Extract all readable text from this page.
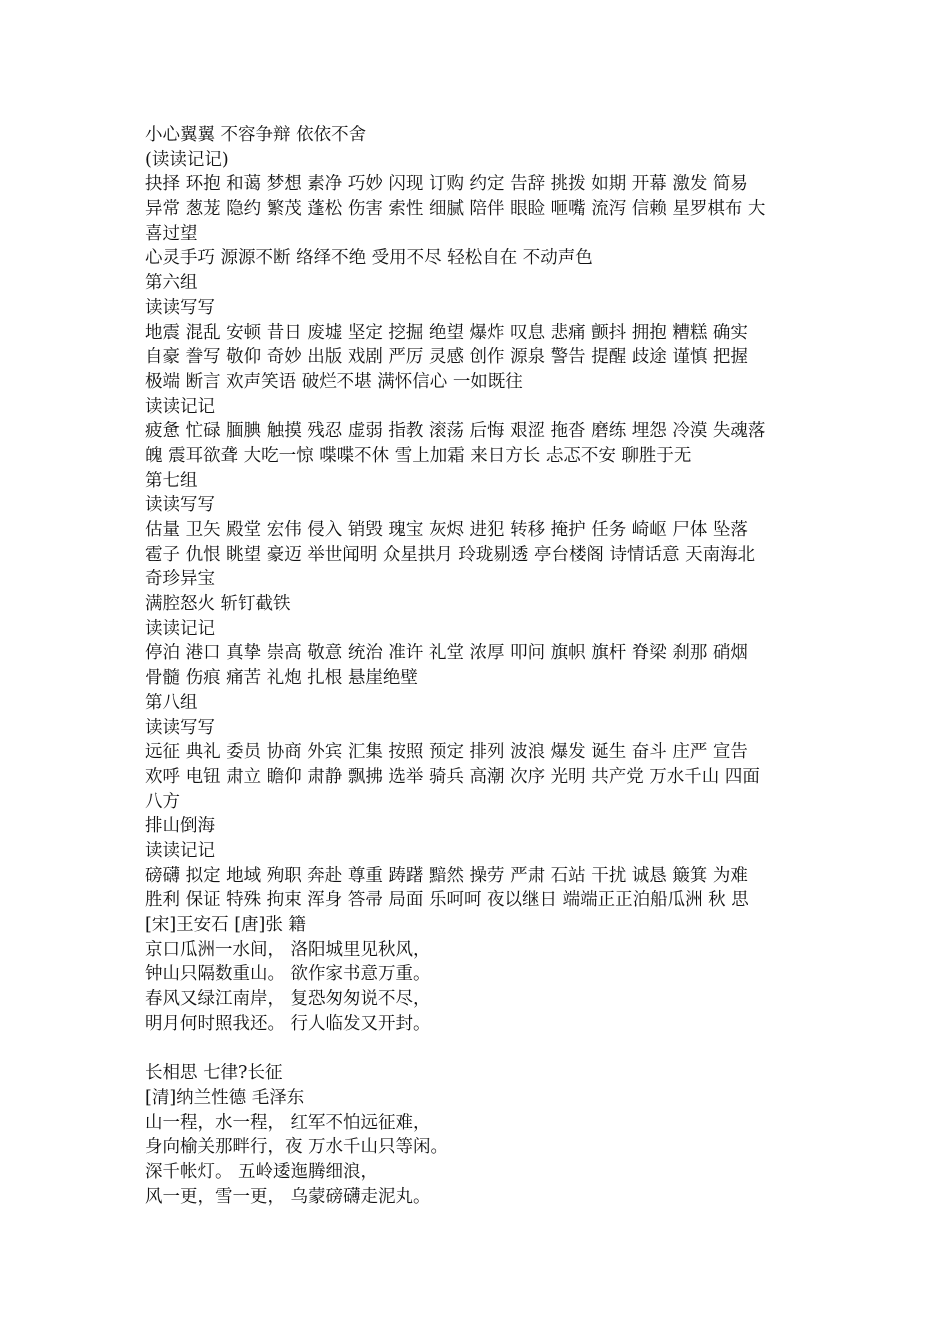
小心翼翼 不容争辩 依依不舍
(读读记记)
抉择 环抱 和蔼 梦想 素净 巧妙 闪现 订购 约定 告辞 挑拨 如期 开幕 激发 简易
异常 葱茏 隐约 繁茂 蓬松 伤害 索性 细腻 陪伴 眼睑 咂嘴 流泻 信赖 星罗棋布 大
喜过望
心灵手巧 源源不断 络绎不绝 受用不尽 轻松自在 不动声色
第六组
读读写写
地震 混乱 安顿 昔日 废墟 坚定 挖掘 绝望 爆炸 叹息 悲痛 颤抖 拥抱 糟糕 确实
自豪 誊写 敬仰 奇妙 出版 戏剧 严厉 灵感 创作 源泉 警告 提醒 歧途 谨慎 把握
极端 断言 欢声笑语 破烂不堪 满怀信心 一如既往
读读记记
疲惫 忙碌 腼腆 触摸 残忍 虚弱 指教 滚荡 后悔 艰涩 拖沓 磨练 埋怨 冷漠 失魂落
魄 震耳欲聋 大吃一惊 喋喋不休 雪上加霜 来日方长 忐忑不安 聊胜于无
第七组
读读写写
估量 卫矢 殿堂 宏伟 侵入 销毁 瑰宝 灰烬 进犯 转移 掩护 任务 崎岖 尸体 坠落
雹子 仇恨 眺望 豪迈 举世闻明 众星拱月 玲珑剔透 亭台楼阁 诗情话意 天南海北
奇珍异宝
满腔怒火 斩钉截铁
读读记记
停泊 港口 真挚 崇高 敬意 统治 准许 礼堂 浓厚 叩问 旗帜 旗杆 脊梁 刹那 硝烟
骨髓 伤痕 痛苦 礼炮 扎根 悬崖绝壁
第八组
读读写写
远征 典礼 委员 协商 外宾 汇集 按照 预定 排列 波浪 爆发 诞生 奋斗 庄严 宣告
欢呼 电钮 肃立 瞻仰 肃静 飘拂 选举 骑兵 高潮 次序 光明 共产党 万水千山 四面
八方
排山倒海
读读记记
磅礴 拟定 地域 殉职 奔赴 尊重 踌躇 黯然 操劳 严肃 石站 干扰 诚恳 簸箕 为难
胜利 保证 特殊 拘束 浑身 答帚 局面 乐呵呵 夜以继日 端端正正泊船瓜洲 秋 思
[宋]王安石 [唐]张 籍
京口瓜洲一水间， 洛阳城里见秋风，
钟山只隔数重山。 欲作家书意万重。
春风又绿江南岸， 复恐匆匆说不尽，
明月何时照我还。 行人临发又开封。
长相思 七律?长征
[清]纳兰性德 毛泽东
山一程，水一程， 红军不怕远征难，
身向榆关那畔行，夜 万水千山只等闲。
深千帐灯。 五岭逶迤腾细浪，
风一更，雪一更， 乌蒙磅礴走泥丸。
